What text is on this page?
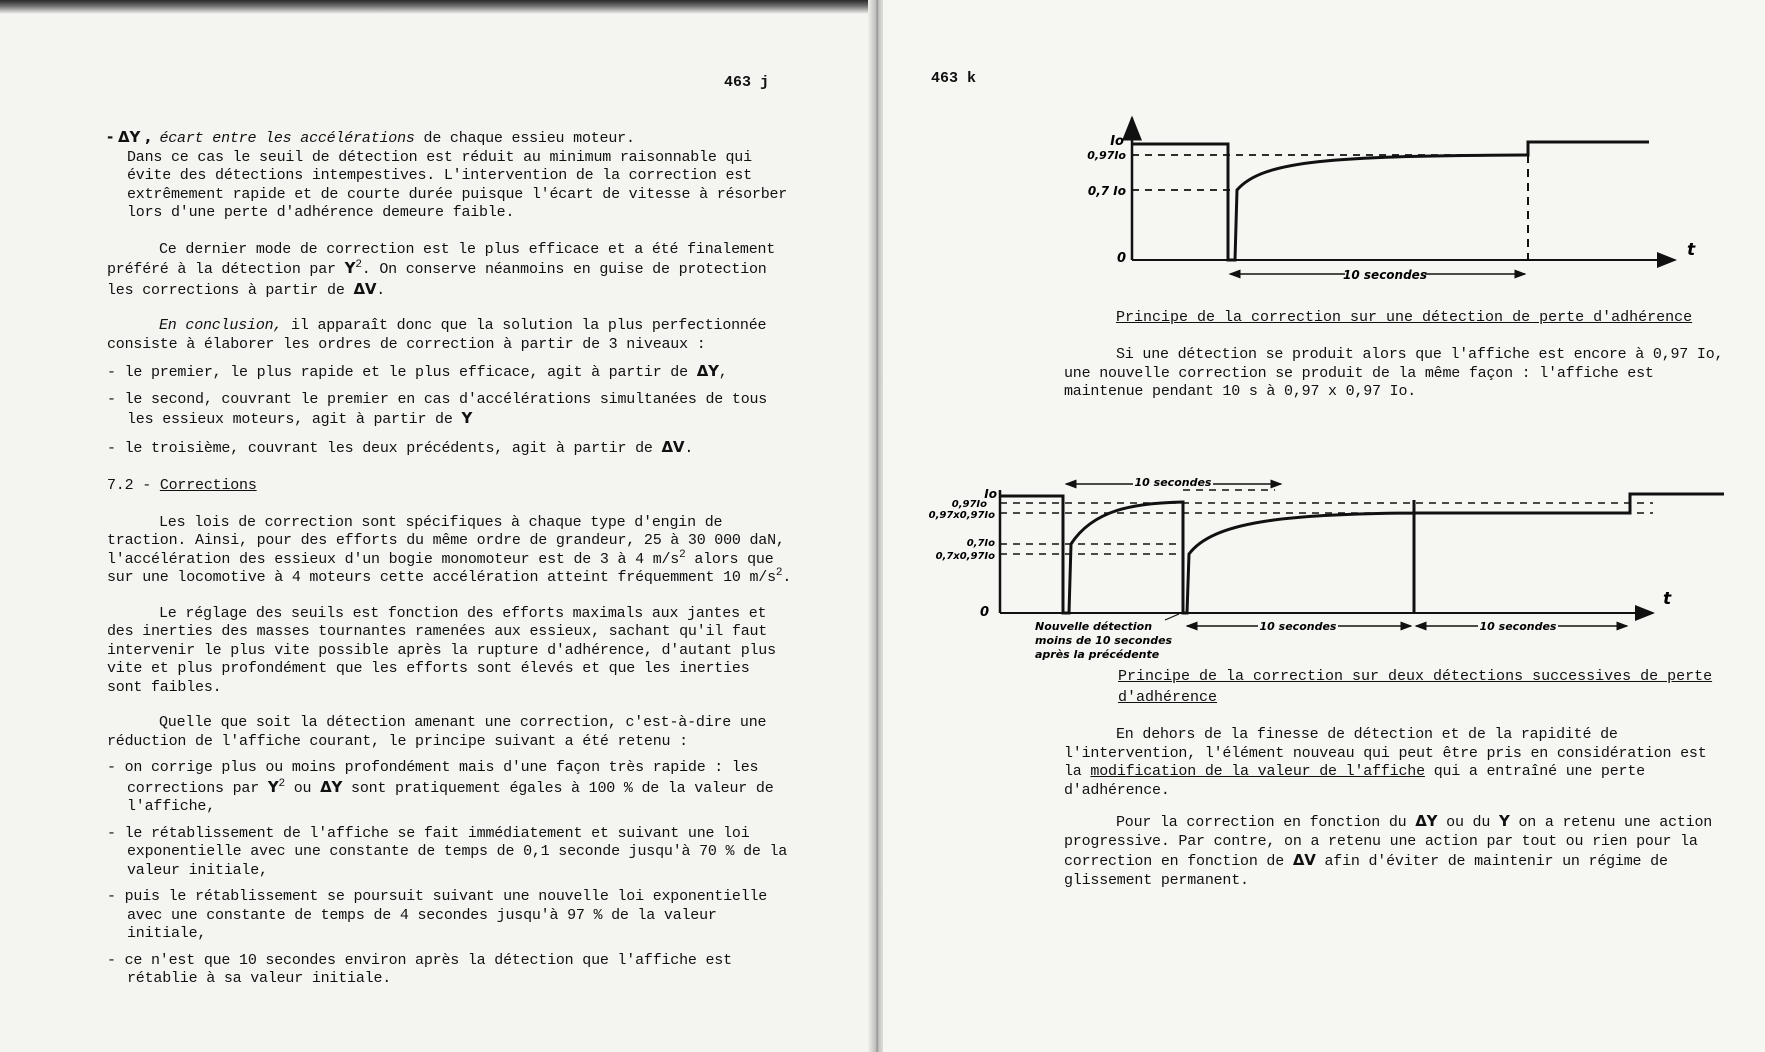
463 j

- ΔY , écart entre les accélérations de chaque essieu moteur.

Dans ce cas le seuil de détection est réduit au minimum raisonnable qui évite des détections intempestives. L'intervention de la correction est extrêmement rapide et de courte durée puisque l'écart de vitesse à résorber lors d'une perte d'adhérence demeure faible.

Ce dernier mode de correction est le plus efficace et a été finalement préféré à la détection par $Y^2$. On conserve néanmoins en guise de protection les corrections à partir de ΔV.

En conclusion, il apparaît donc que la solution la plus perfectionnée consiste à élaborer les ordres de correction à partir de 3 niveaux :

- le premier, le plus rapide et le plus efficace, agit à partir de ΔY,

- le second, couvrant le premier en cas d'accélérations simultanées de tous les essieux moteurs, agit à partir de Y

- le troisième, couvrant les deux précédents, agit à partir de ΔV.

7.2 - Corrections

Les lois de correction sont spécifiques à chaque type d'engin de traction. Ainsi, pour des efforts du même ordre de grandeur, 25 à 30 000 daN, l'accélération des essieux d'un bogie monomoteur est de 3 à 4 $m/s^2$ alors que sur une locomotive à 4 moteurs cette accélération atteint fréquemment 10 $m/s^2$.

Le réglage des seuils est fonction des efforts maximals aux jantes et des inerties des masses tournantes ramenées aux essieux, sachant qu'il faut intervenir le plus vite possible après la rupture d'adhérence, d'autant plus vite et plus profondément que les efforts sont élevés et que les inerties sont faibles.

Quelle que soit la détection amenant une correction, c'est-à-dire une réduction de l'affiche courant, le principe suivant a été retenu :

- on corrige plus ou moins profondément mais d'une façon très rapide : les corrections par $Y^2$ ou ΔY sont pratiquement égales à 100 % de la valeur de l'affiche,

- le rétablissement de l'affiche se fait immédiatement et suivant une loi exponentielle avec une constante de temps de 0,1 seconde jusqu'à 70 % de la valeur initiale,

- puis le rétablissement se poursuit suivant une nouvelle loi exponentielle avec une constante de temps de 4 secondes jusqu'à 97 % de la valeur initiale,

- ce n'est que 10 secondes environ après la détection que l'affiche est rétablie à sa valeur initiale.

463 k
10 secondes
Io
0,97Io
0,7 Io
0	t
Principe de la correction sur une détection de perte d'adhérence

Si une détection se produit alors que l'affiche est encore à 0,97 Io, une nouvelle correction se produit de la même façon : l'affiche est maintenue pendant 10 s à 0,97 x 0,97 Io.

10 secondes
10 secondes	10 secondes
Io
0,97Io
0,97x0,97Io
0,7Io
0,7x0,97Io
0
t
Nouvelle détection
moins de 10 secondes
après la précédente
Principe de la correction sur deux détections successives de perte
d'adhérence

En dehors de la finesse de détection et de la rapidité de l'intervention, l'élément nouveau qui peut être pris en considération est la modification de la valeur de l'affiche qui a entraîné une perte d'adhérence.

Pour la correction en fonction du ΔY ou du Y on a retenu une action progressive. Par contre, on a retenu une action par tout ou rien pour la correction en fonction de ΔV afin d'éviter de maintenir un régime de glissement permanent.
